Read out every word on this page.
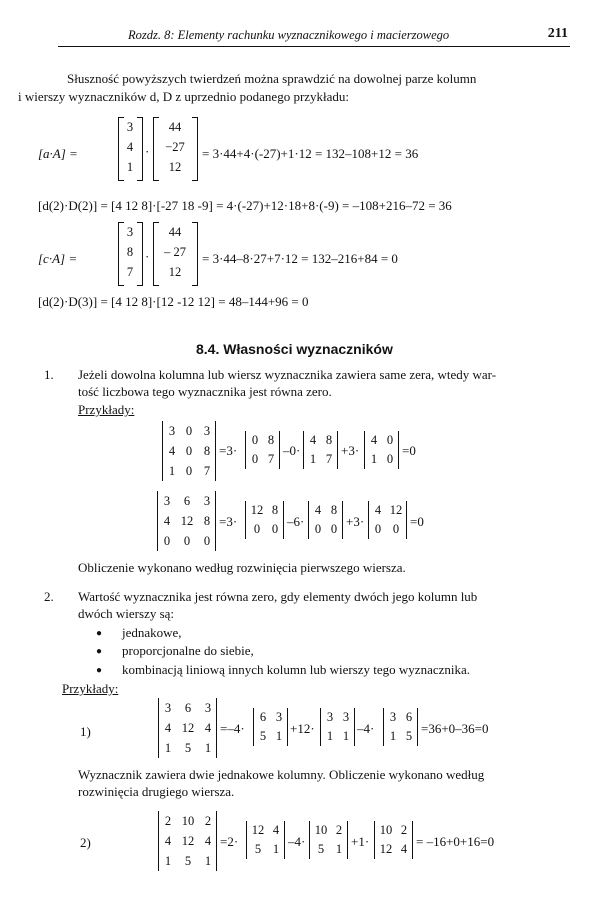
Rozdz. 8: Elementy rachunku wyznacznikowego i macierzowego	211
Słuszność powyższych twierdzeń można sprawdzić na dowolnej parze kolumn
i wierszy wyznaczników d, D z uprzednio podanego przykładu:
[a·A] =
3
4
1
·
44
−27
12
= 3·44+4·(-27)+1·12 = 132–108+12 = 36
[d(2)·D(2)] = [4 12 8]·[-27 18 -9] = 4·(-27)+12·18+8·(-9) = –108+216–72 = 36
[c·A] =
3
8
7
·
44
– 27
12
= 3·44–8·27+7·12 = 132–216+84 = 0
[d(2)·D(3)] = [4 12 8]·[12 -12 12] = 48–144+96 = 0
8.4. Własności wyznaczników
1. Jeżeli dowolna kolumna lub wiersz wyznacznika zawiera same zera, wtedy war-
tość liczbowa tego wyznacznika jest równa zero.
Przykłady:
3 0 3
4 0 8
1 0 7
=3·
0 8
0 7
–0·
4 8
1 7
+3·
4 0
1 0
=0
3	6	3
4 12 8
0	0	0
=3·
12 8
0 0 –6·
4 8
0 0 +3·
4 12
0 0 =0
Obliczenie wykonano według rozwinięcia pierwszego wiersza.
2. Wartość wyznacznika jest równa zero, gdy elementy dwóch jego kolumn lub
dwóch wierszy są:
● jednakowe,
● proporcjonalne do siebie,
● kombinacją liniową innych kolumn lub wierszy tego wyznacznika.
Przykłady:
1)
3	6	3
4 12 4
1	5	1
=–4·
6 3
5 1 +12·
3 3
1 1 –4·
3 6
1 5 =36+0–36=0
Wyznacznik zawiera dwie jednakowe kolumny. Obliczenie wykonano według
rozwinięcia drugiego wiersza.
2)
2 10 2
4 12 4
1	5	1
=2·
12 4
5 1 –4·
10 2
5 1 +1·
10 2
12 4 = –16+0+16=0
